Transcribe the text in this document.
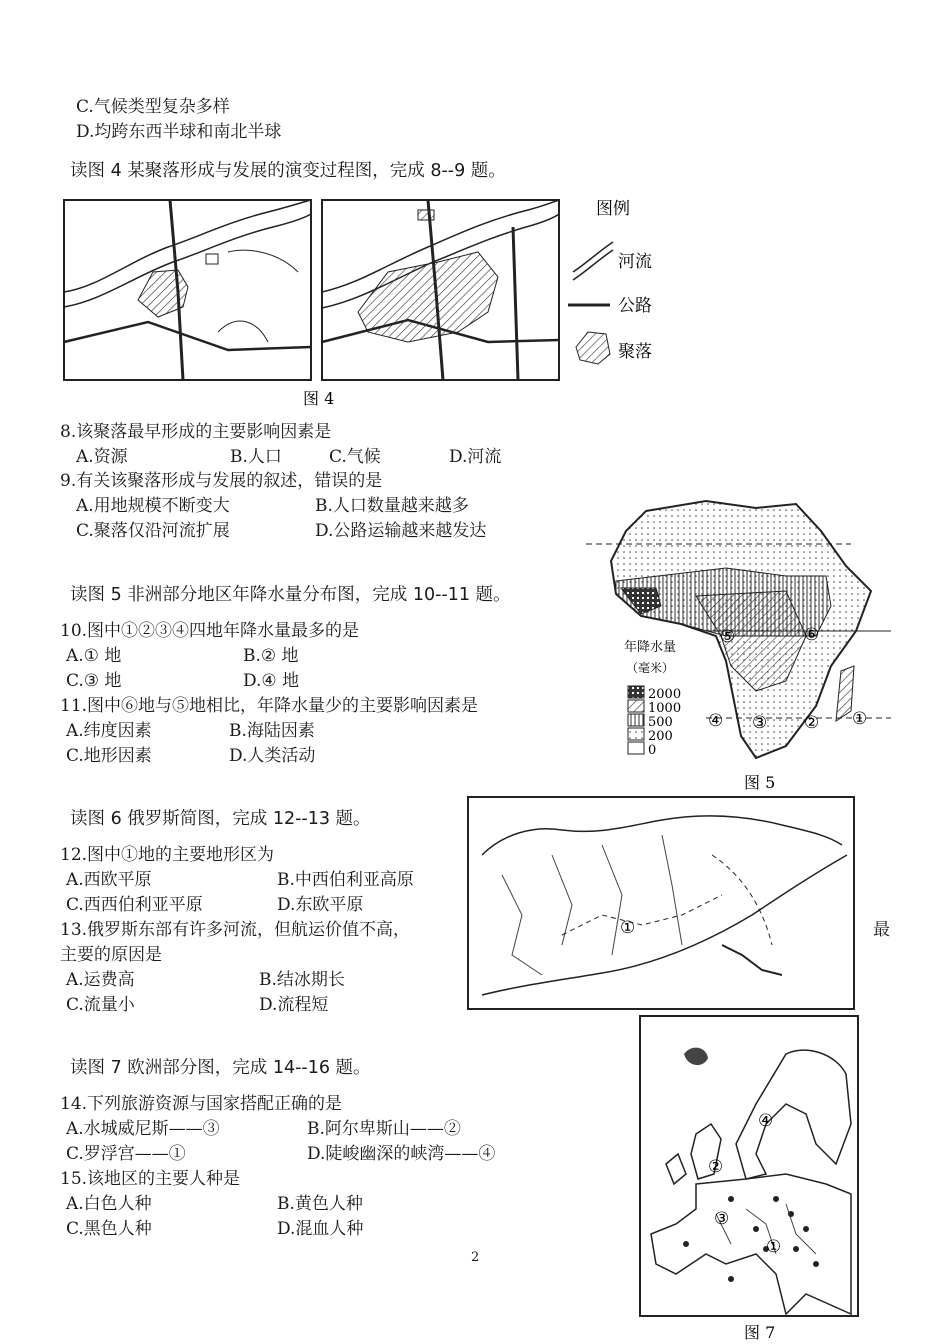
C.气候类型复杂多样
D.均跨东西半球和南北半球
读图 4 某聚落形成与发展的演变过程图，完成 8--9 题。
图例
河流
公路
聚落
图 4
8.该聚落最早形成的主要影响因素是
A.资源	B.人口	C.气候	D.河流
9.有关该聚落形成与发展的叙述，错误的是
A.用地规模不断变大	B.人口数量越来越多
C.聚落仅沿河流扩展	D.公路运输越来越发达
年降水量
（毫米）
2000
1000
500
200
0
①
②
③
④
⑤	⑥
图 5
读图 5 非洲部分地区年降水量分布图，完成 10--11 题。
10.图中①②③④四地年降水量最多的是
A.① 地	B.② 地
C.③ 地	D.④ 地
11.图中⑥地与⑤地相比，年降水量少的主要影响因素是
A.纬度因素	B.海陆因素
C.地形因素	D.人类活动
①
读图 6 俄罗斯简图，完成 12--13 题。
12.图中①地的主要地形区为
A.西欧平原	B.中西伯利亚高原
C.西西伯利亚平原	D.东欧平原
13.俄罗斯东部有许多河流，但航运价值不高，	最
主要的原因是
A.运费高	B.结冰期长
C.流量小	D.流程短
①
②
③
④
图 7
读图 7 欧洲部分图，完成 14--16 题。
14.下列旅游资源与国家搭配正确的是
A.水城威尼斯——③	B.阿尔卑斯山——②
C.罗浮宫——①	D.陡峻幽深的峡湾——④
15.该地区的主要人种是
A.白色人种	B.黄色人种
C.黑色人种	D.混血人种
2
